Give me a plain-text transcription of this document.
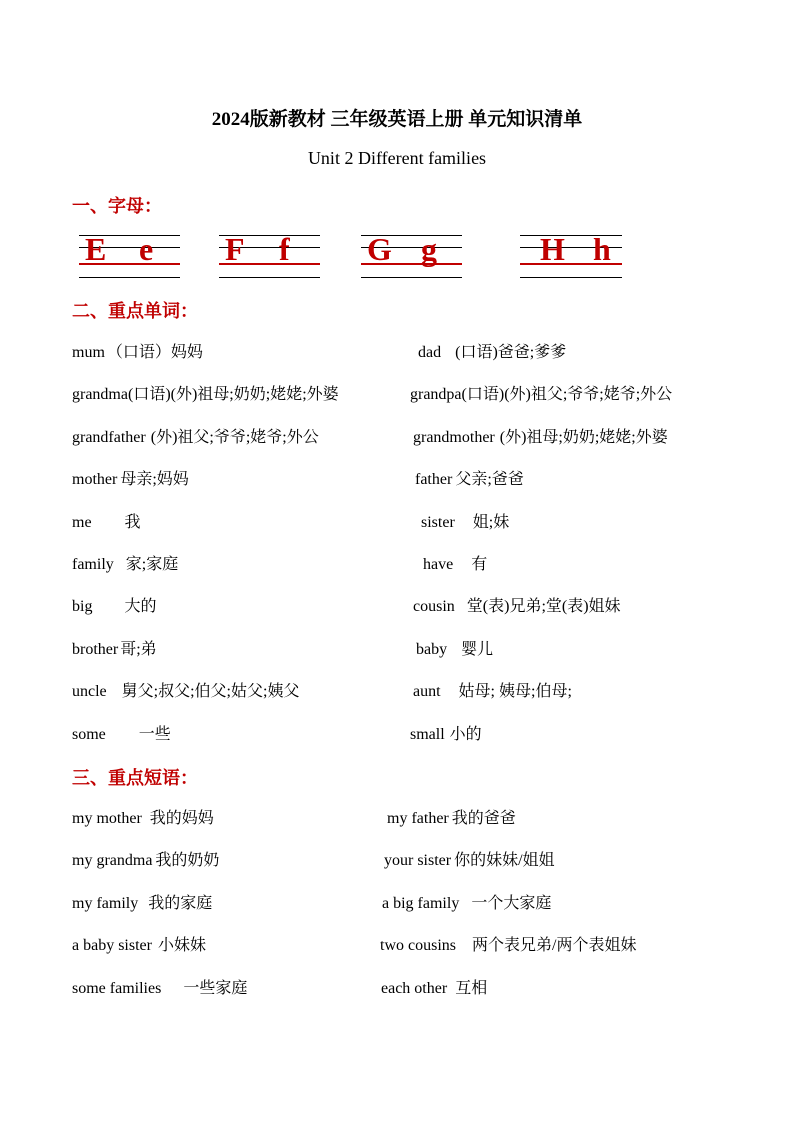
2024版新教材 三年级英语上册 单元知识清单
Unit 2 Different families
一、字母：
E e F f G g	H h
二、重点单词：
mum （口语）妈妈	dad (口语)爸爸;爹爹
grandma(口语)(外)祖母;奶奶;姥姥;外婆	grandpa(口语)(外)祖父;爷爷;姥爷;外公
grandfather (外)祖父;爷爷;姥爷;外公	grandmother (外)祖母;奶奶;姥姥;外婆
mother 母亲;妈妈	father 父亲;爸爸
me 我	sister 姐;妹
family 家;家庭	have 有
big 大的	cousin 堂(表)兄弟;堂(表)姐妹
brother 哥;弟	baby 婴儿
uncle 舅父;叔父;伯父;姑父;姨父	aunt 姑母; 姨母;伯母;
some 一些	small 小的
三、重点短语：
my mother 我的妈妈	my father 我的爸爸
my grandma 我的奶奶	your sister 你的妹妹/姐姐
my family 我的家庭	a big family 一个大家庭
a baby sister 小妹妹	two cousins 两个表兄弟/两个表姐妹
some families 一些家庭	each other 互相
